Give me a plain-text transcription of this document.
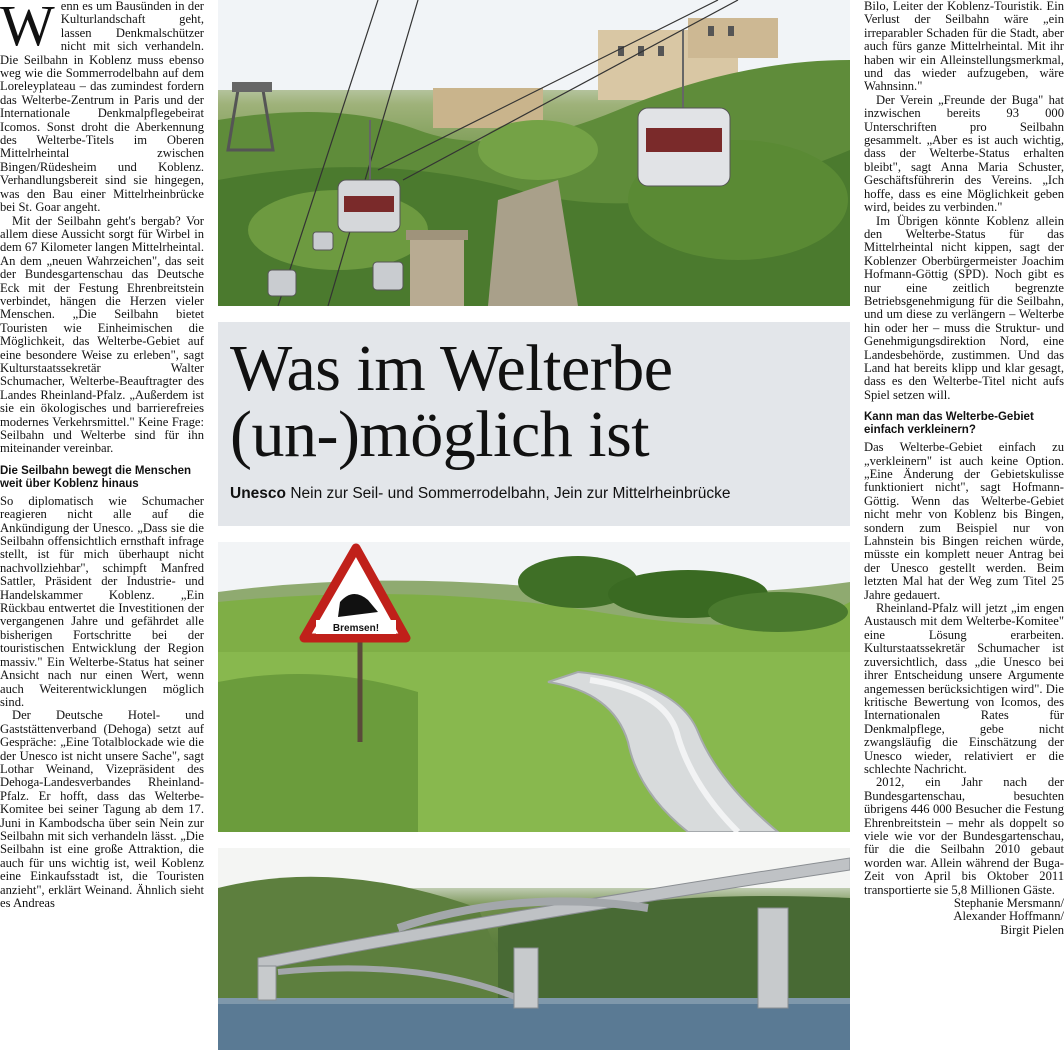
Wenn es um Bausünden in der Kulturlandschaft geht, lassen Denkmalschützer nicht mit sich verhandeln. Die Seilbahn in Koblenz muss ebenso weg wie die Sommerrodelbahn auf dem Loreleyplateau – das zumindest fordern das Welterbe-Zentrum in Paris und der Internationale Denkmalpflegebeirat Icomos. Sonst droht die Aberkennung des Welterbe-Titels im Oberen Mittelrheintal zwischen Bingen/Rüdesheim und Koblenz. Verhandlungsbereit sind sie hingegen, was den Bau einer Mittelrheinbrücke bei St. Goar angeht.

Mit der Seilbahn geht's bergab? Vor allem diese Aussicht sorgt für Wirbel in dem 67 Kilometer langen Mittelrheintal. An dem „neuen Wahrzeichen", das seit der Bundesgartenschau das Deutsche Eck mit der Festung Ehrenbreitstein verbindet, hängen die Herzen vieler Menschen. „Die Seilbahn bietet Touristen wie Einheimischen die Möglichkeit, das Welterbe-Gebiet auf eine besondere Weise zu erleben", sagt Kulturstaatssekretär Walter Schumacher, Welterbe-Beauftragter des Landes Rheinland-Pfalz. „Außerdem ist sie ein ökologisches und barrierefreies modernes Verkehrsmittel." Keine Frage: Seilbahn und Welterbe sind für ihn miteinander vereinbar.

Die Seilbahn bewegt die Menschen weit über Koblenz hinaus

So diplomatisch wie Schumacher reagieren nicht alle auf die Ankündigung der Unesco. „Dass sie die Seilbahn offensichtlich ernsthaft infrage stellt, ist für mich überhaupt nicht nachvollziehbar", schimpft Manfred Sattler, Präsident der Industrie- und Handelskammer Koblenz. „Ein Rückbau entwertet die Investitionen der vergangenen Jahre und gefährdet alle bisherigen Fortschritte bei der touristischen Entwicklung der Region massiv." Ein Welterbe-Status hat seiner Ansicht nach nur einen Wert, wenn auch Weiterentwicklungen möglich sind.

Der Deutsche Hotel- und Gaststättenverband (Dehoga) setzt auf Gespräche: „Eine Totalblockade wie die der Unesco ist nicht unsere Sache", sagt Lothar Weinand, Vizepräsident des Dehoga-Landesverbandes Rheinland-Pfalz. Er hofft, dass das Welterbe-Komitee bei seiner Tagung ab dem 17. Juni in Kambodscha über sein Nein zur Seilbahn mit sich verhandeln lässt. „Die Seilbahn ist eine große Attraktion, die auch für uns wichtig ist, weil Koblenz eine Einkaufsstadt ist, die Touristen anzieht", erklärt Weinand. Ähnlich sieht es Andreas

Was im Welterbe
(un-)möglich ist
Unesco Nein zur Seil- und Sommerrodelbahn, Jein zur Mittelrheinbrücke
Bremsen!

Bilo, Leiter der Koblenz-Touristik. Ein Verlust der Seilbahn wäre „ein irreparabler Schaden für die Stadt, aber auch fürs ganze Mittelrheintal. Mit ihr haben wir ein Alleinstellungsmerkmal, und das wieder aufzugeben, wäre Wahnsinn."

Der Verein „Freunde der Buga" hat inzwischen bereits 93 000 Unterschriften pro Seilbahn gesammelt. „Aber es ist auch wichtig, dass der Welterbe-Status erhalten bleibt", sagt Anna Maria Schuster, Geschäftsführerin des Vereins. „Ich hoffe, dass es eine Möglichkeit geben wird, beides zu verbinden."

Im Übrigen könnte Koblenz allein den Welterbe-Status für das Mittelrheintal nicht kippen, sagt der Koblenzer Oberbürgermeister Joachim Hofmann-Göttig (SPD). Noch gibt es nur eine zeitlich begrenzte Betriebsgenehmigung für die Seilbahn, und um diese zu verlängern – Welterbe hin oder her – muss die Struktur- und Genehmigungsdirektion Nord, eine Landesbehörde, zustimmen. Und das Land hat bereits klipp und klar gesagt, dass es den Welterbe-Titel nicht aufs Spiel setzen will.

Kann man das Welterbe-Gebiet einfach verkleinern?

Das Welterbe-Gebiet einfach zu „verkleinern" ist auch keine Option. „Eine Änderung der Gebietskulisse funktioniert nicht", sagt Hofmann-Göttig. Wenn das Welterbe-Gebiet nicht mehr von Koblenz bis Bingen, sondern zum Beispiel nur von Lahnstein bis Bingen reichen würde, müsste ein komplett neuer Antrag bei der Unesco gestellt werden. Beim letzten Mal hat der Weg zum Titel 25 Jahre gedauert.

Rheinland-Pfalz will jetzt „im engen Austausch mit dem Welterbe-Komitee" eine Lösung erarbeiten. Kulturstaatssekretär Schumacher ist zuversichtlich, dass „die Unesco bei ihrer Entscheidung unsere Argumente angemessen berücksichtigen wird". Die kritische Bewertung von Icomos, des Internationalen Rates für Denkmalpflege, gebe nicht zwangsläufig die Einschätzung der Unesco wieder, relativiert er die schlechte Nachricht.

2012, ein Jahr nach der Bundesgartenschau, besuchten übrigens 446 000 Besucher die Festung Ehrenbreitstein – mehr als doppelt so viele wie vor der Bundesgartenschau, für die die Seilbahn 2010 gebaut worden war. Allein während der Buga-Zeit von April bis Oktober 2011 transportierte sie 5,8 Millionen Gäste.

Stephanie Mersmann/

Alexander Hoffmann/

Birgit Pielen
